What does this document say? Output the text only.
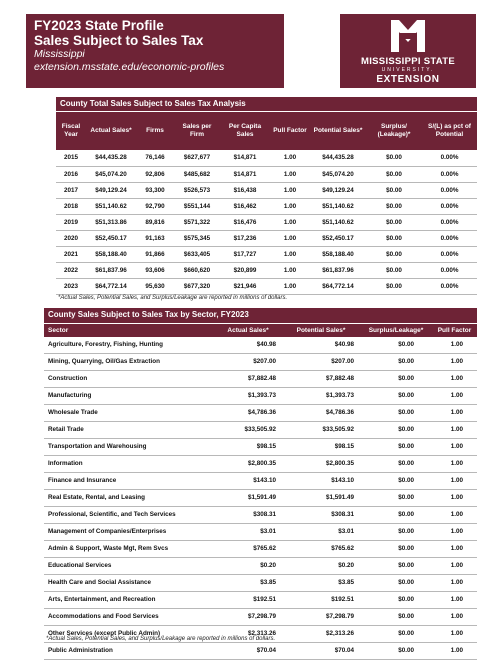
FY2023 State Profile
Sales Subject to Sales Tax
Mississippi
extension.msstate.edu/economic-profiles	MISSISSIPPI STATE
UNIVERSITY.
EXTENSION
County Total Sales Subject to Sales Tax Analysis
Fiscal Year	Actual Sales*	Firms	Sales per Firm	Per Capita Sales	Pull Factor	Potential Sales*	Surplus/ (Leakage)*	S/(L) as pct of Potential
2015	$44,435.28	76,146	$627,677	$14,871	1.00	$44,435.28	$0.00	0.00%
2016	$45,074.20	92,806	$485,682	$14,871	1.00	$45,074.20	$0.00	0.00%
2017	$49,129.24	93,300	$526,573	$16,438	1.00	$49,129.24	$0.00	0.00%
2018	$51,140.62	92,790	$551,144	$16,462	1.00	$51,140.62	$0.00	0.00%
2019	$51,313.86	89,816	$571,322	$16,476	1.00	$51,140.62	$0.00	0.00%
2020	$52,450.17	91,163	$575,345	$17,236	1.00	$52,450.17	$0.00	0.00%
2021	$58,188.40	91,866	$633,405	$17,727	1.00	$58,188.40	$0.00	0.00%
2022	$61,837.96	93,606	$660,620	$20,899	1.00	$61,837.96	$0.00	0.00%
2023	$64,772.14	95,630	$677,320	$21,946	1.00	$64,772.14	$0.00	0.00%
*Actual Sales, Potential Sales, and Surplus/Leakage are reported in millions of dollars.
County Sales Subject to Sales Tax by Sector, FY2023
Sector	Actual Sales*	Potential Sales*	Surplus/Leakage*	Pull Factor
Agriculture, Forestry, Fishing, Hunting	$40.98	$40.98	$0.00	1.00
Mining, Quarrying, Oil/Gas Extraction	$207.00	$207.00	$0.00	1.00
Construction	$7,882.48	$7,882.48	$0.00	1.00
Manufacturing	$1,393.73	$1,393.73	$0.00	1.00
Wholesale Trade	$4,786.36	$4,786.36	$0.00	1.00
Retail Trade	$33,505.92	$33,505.92	$0.00	1.00
Transportation and Warehousing	$98.15	$98.15	$0.00	1.00
Information	$2,800.35	$2,800.35	$0.00	1.00
Finance and Insurance	$143.10	$143.10	$0.00	1.00
Real Estate, Rental, and Leasing	$1,591.49	$1,591.49	$0.00	1.00
Professional, Scientific, and Tech Services	$308.31	$308.31	$0.00	1.00
Management of Companies/Enterprises	$3.01	$3.01	$0.00	1.00
Admin & Support, Waste Mgt, Rem Svcs	$765.62	$765.62	$0.00	1.00
Educational Services	$0.20	$0.20	$0.00	1.00
Health Care and Social Assistance	$3.85	$3.85	$0.00	1.00
Arts, Entertainment, and Recreation	$192.51	$192.51	$0.00	1.00
Accommodations and Food Services	$7,298.79	$7,298.79	$0.00	1.00
Other Services (except Public Admin)	$2,313.26	$2,313.26	$0.00	1.00
Public Administration	$70.04	$70.04	$0.00	1.00
*Actual Sales, Potential Sales, and Surplus/Leakage are reported in millions of dollars.
